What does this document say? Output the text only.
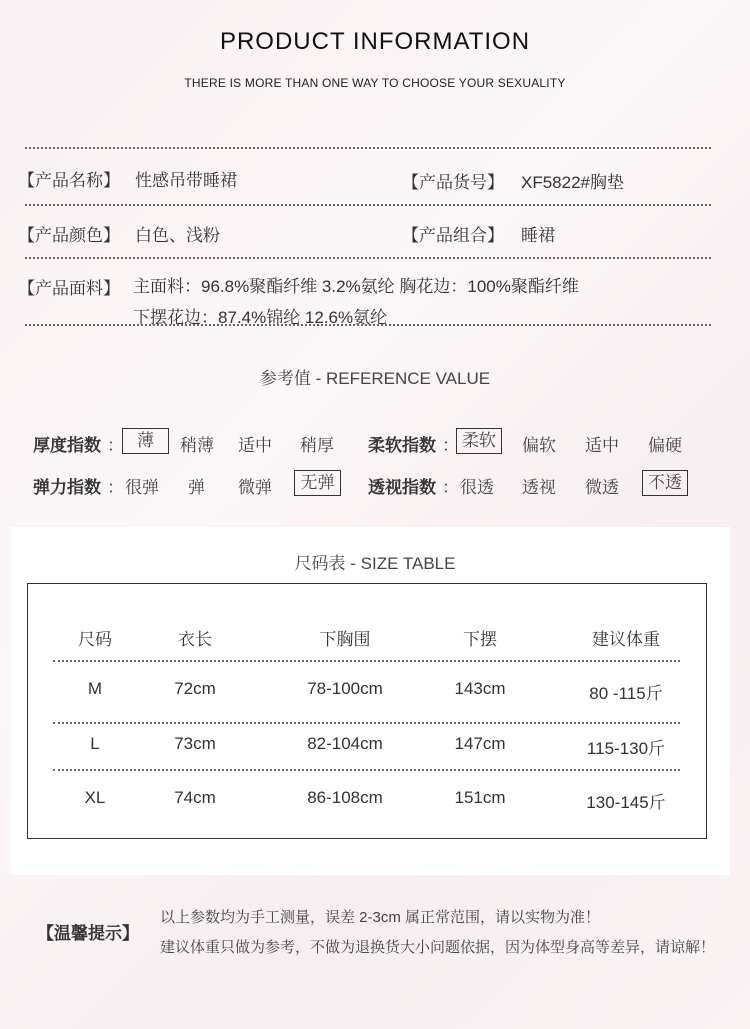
PRODUCT INFORMATION
THERE IS MORE THAN ONE WAY TO CHOOSE YOUR SEXUALITY
【产品名称】 性感吊带睡裙	【产品货号】 XF5822#胸垫
【产品颜色】 白色、浅粉	【产品组合】 睡裙
【产品面料】 主面料：96.8%聚酯纤维 3.2%氨纶 胸花边：100%聚酯纤维
下摆花边：87.4%锦纶 12.6%氨纶
参考值 - REFERENCE VALUE
厚度指数 ： 薄	稍薄 适中 稍厚 柔软指数 ： 柔软	偏软 适中 偏硬
弹力指数 ： 很弹 弹 微弹	无弹	透视指数 ： 很透 透视 微透	不透
尺码表 - SIZE TABLE
尺码	衣长	下胸围	下摆	建议体重
M	72cm	78-100cm	143cm	80 -115斤
L	73cm	82-104cm	147cm	115-130斤
XL	74cm	86-108cm	151cm	130-145斤
【温馨提示】
以上参数均为手工测量，误差 2-3cm 属正常范围，请以实物为准！
建议体重只做为参考，不做为退换货大小问题依据，因为体型身高等差异，请谅解！
